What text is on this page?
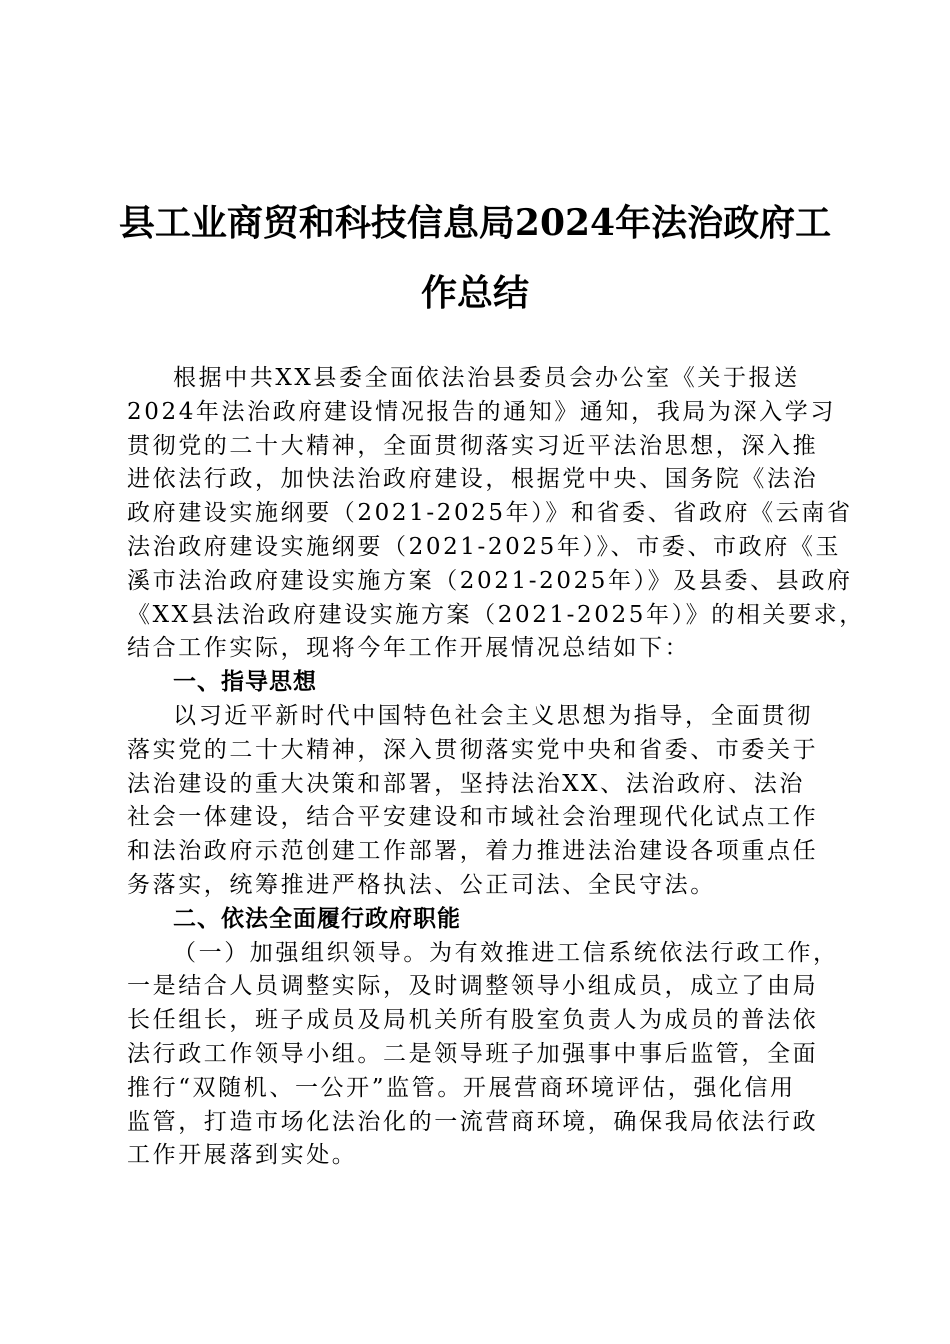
县工业商贸和科技信息局2024年法治政府工
作总结
根据中共XX县委全面依法治县委员会办公室《关于报送
2024年法治政府建设情况报告的通知》通知，我局为深入学习
贯彻党的二十大精神，全面贯彻落实习近平法治思想，深入推
进依法行政，加快法治政府建设，根据党中央、国务院《法治
政府建设实施纲要（2021-2025年）》和省委、省政府《云南省
法治政府建设实施纲要（2021-2025年）》、市委、市政府《玉
溪市法治政府建设实施方案（2021-2025年）》及县委、县政府
《XX县法治政府建设实施方案（2021-2025年）》的相关要求，
结合工作实际，现将今年工作开展情况总结如下：
一、指导思想
以习近平新时代中国特色社会主义思想为指导，全面贯彻
落实党的二十大精神，深入贯彻落实党中央和省委、市委关于
法治建设的重大决策和部署，坚持法治XX、法治政府、法治
社会一体建设，结合平安建设和市域社会治理现代化试点工作
和法治政府示范创建工作部署，着力推进法治建设各项重点任
务落实，统筹推进严格执法、公正司法、全民守法。
二、依法全面履行政府职能
（一）加强组织领导。为有效推进工信系统依法行政工作，
一是结合人员调整实际，及时调整领导小组成员，成立了由局
长任组长，班子成员及局机关所有股室负责人为成员的普法依
法行政工作领导小组。二是领导班子加强事中事后监管，全面
推行“双随机、一公开”监管。开展营商环境评估，强化信用
监管，打造市场化法治化的一流营商环境，确保我局依法行政
工作开展落到实处。
